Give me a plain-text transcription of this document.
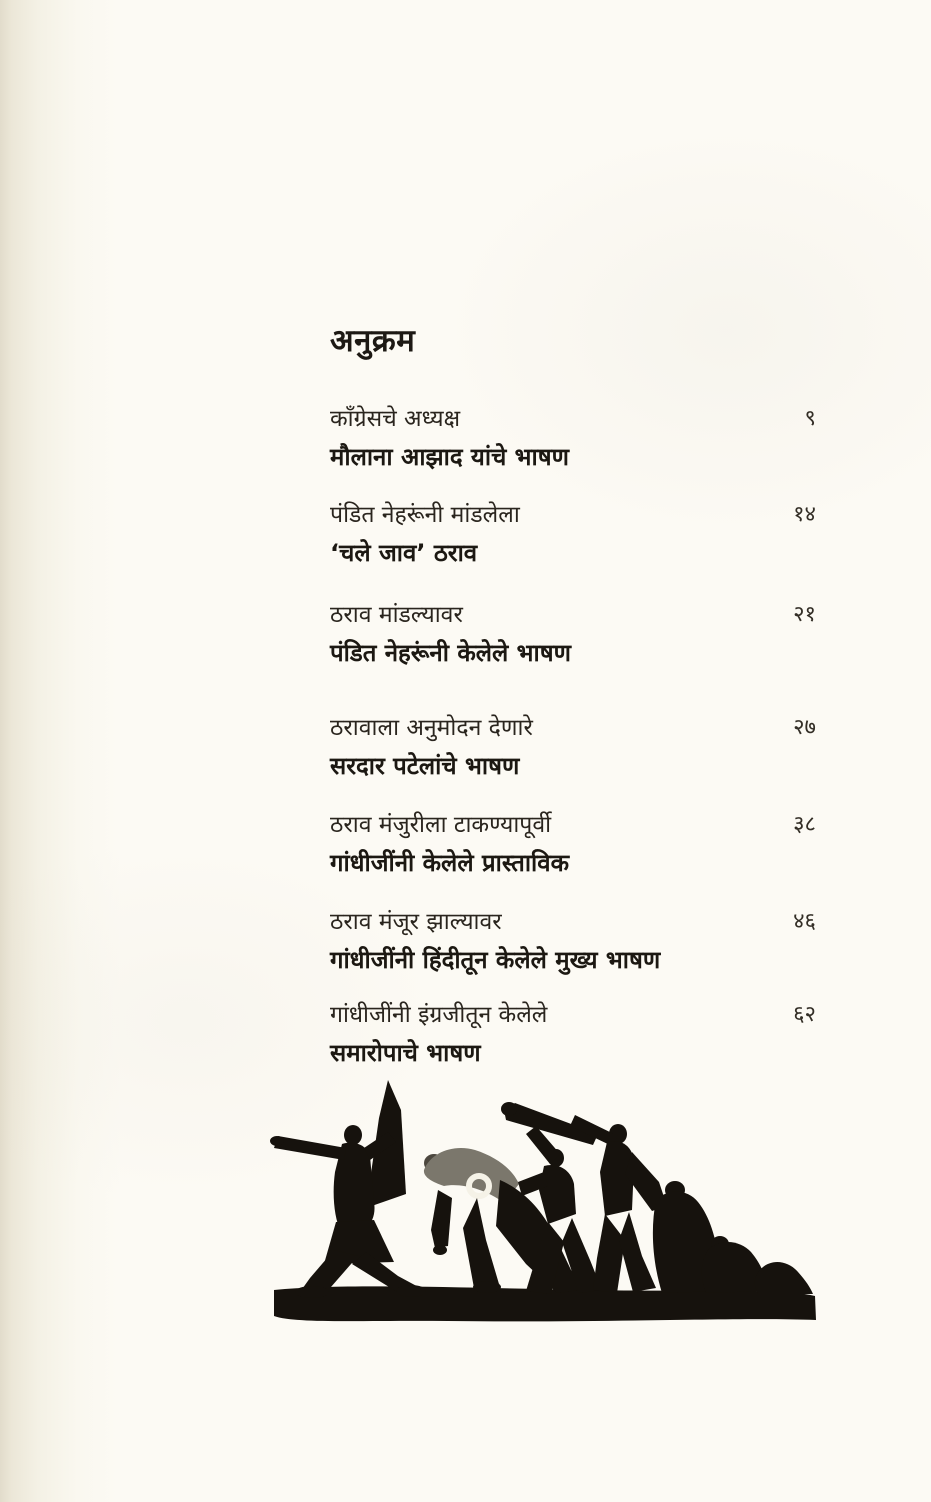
अनुक्रम
काँग्रेसचे अध्यक्ष	९
मौलाना आझाद यांचे भाषण
पंडित नेहरूंनी मांडलेला	१४
‘चले जाव’ ठराव
ठराव मांडल्यावर	२१
पंडित नेहरूंनी केलेले भाषण
ठरावाला अनुमोदन देणारे	२७
सरदार पटेलांचे भाषण
ठराव मंजुरीला टाकण्यापूर्वी	३८
गांधीजींनी केलेले प्रास्ताविक
ठराव मंजूर झाल्यावर	४६
गांधीजींनी हिंदीतून केलेले मुख्य भाषण
गांधीजींनी इंग्रजीतून केलेले	६२
समारोपाचे भाषण
